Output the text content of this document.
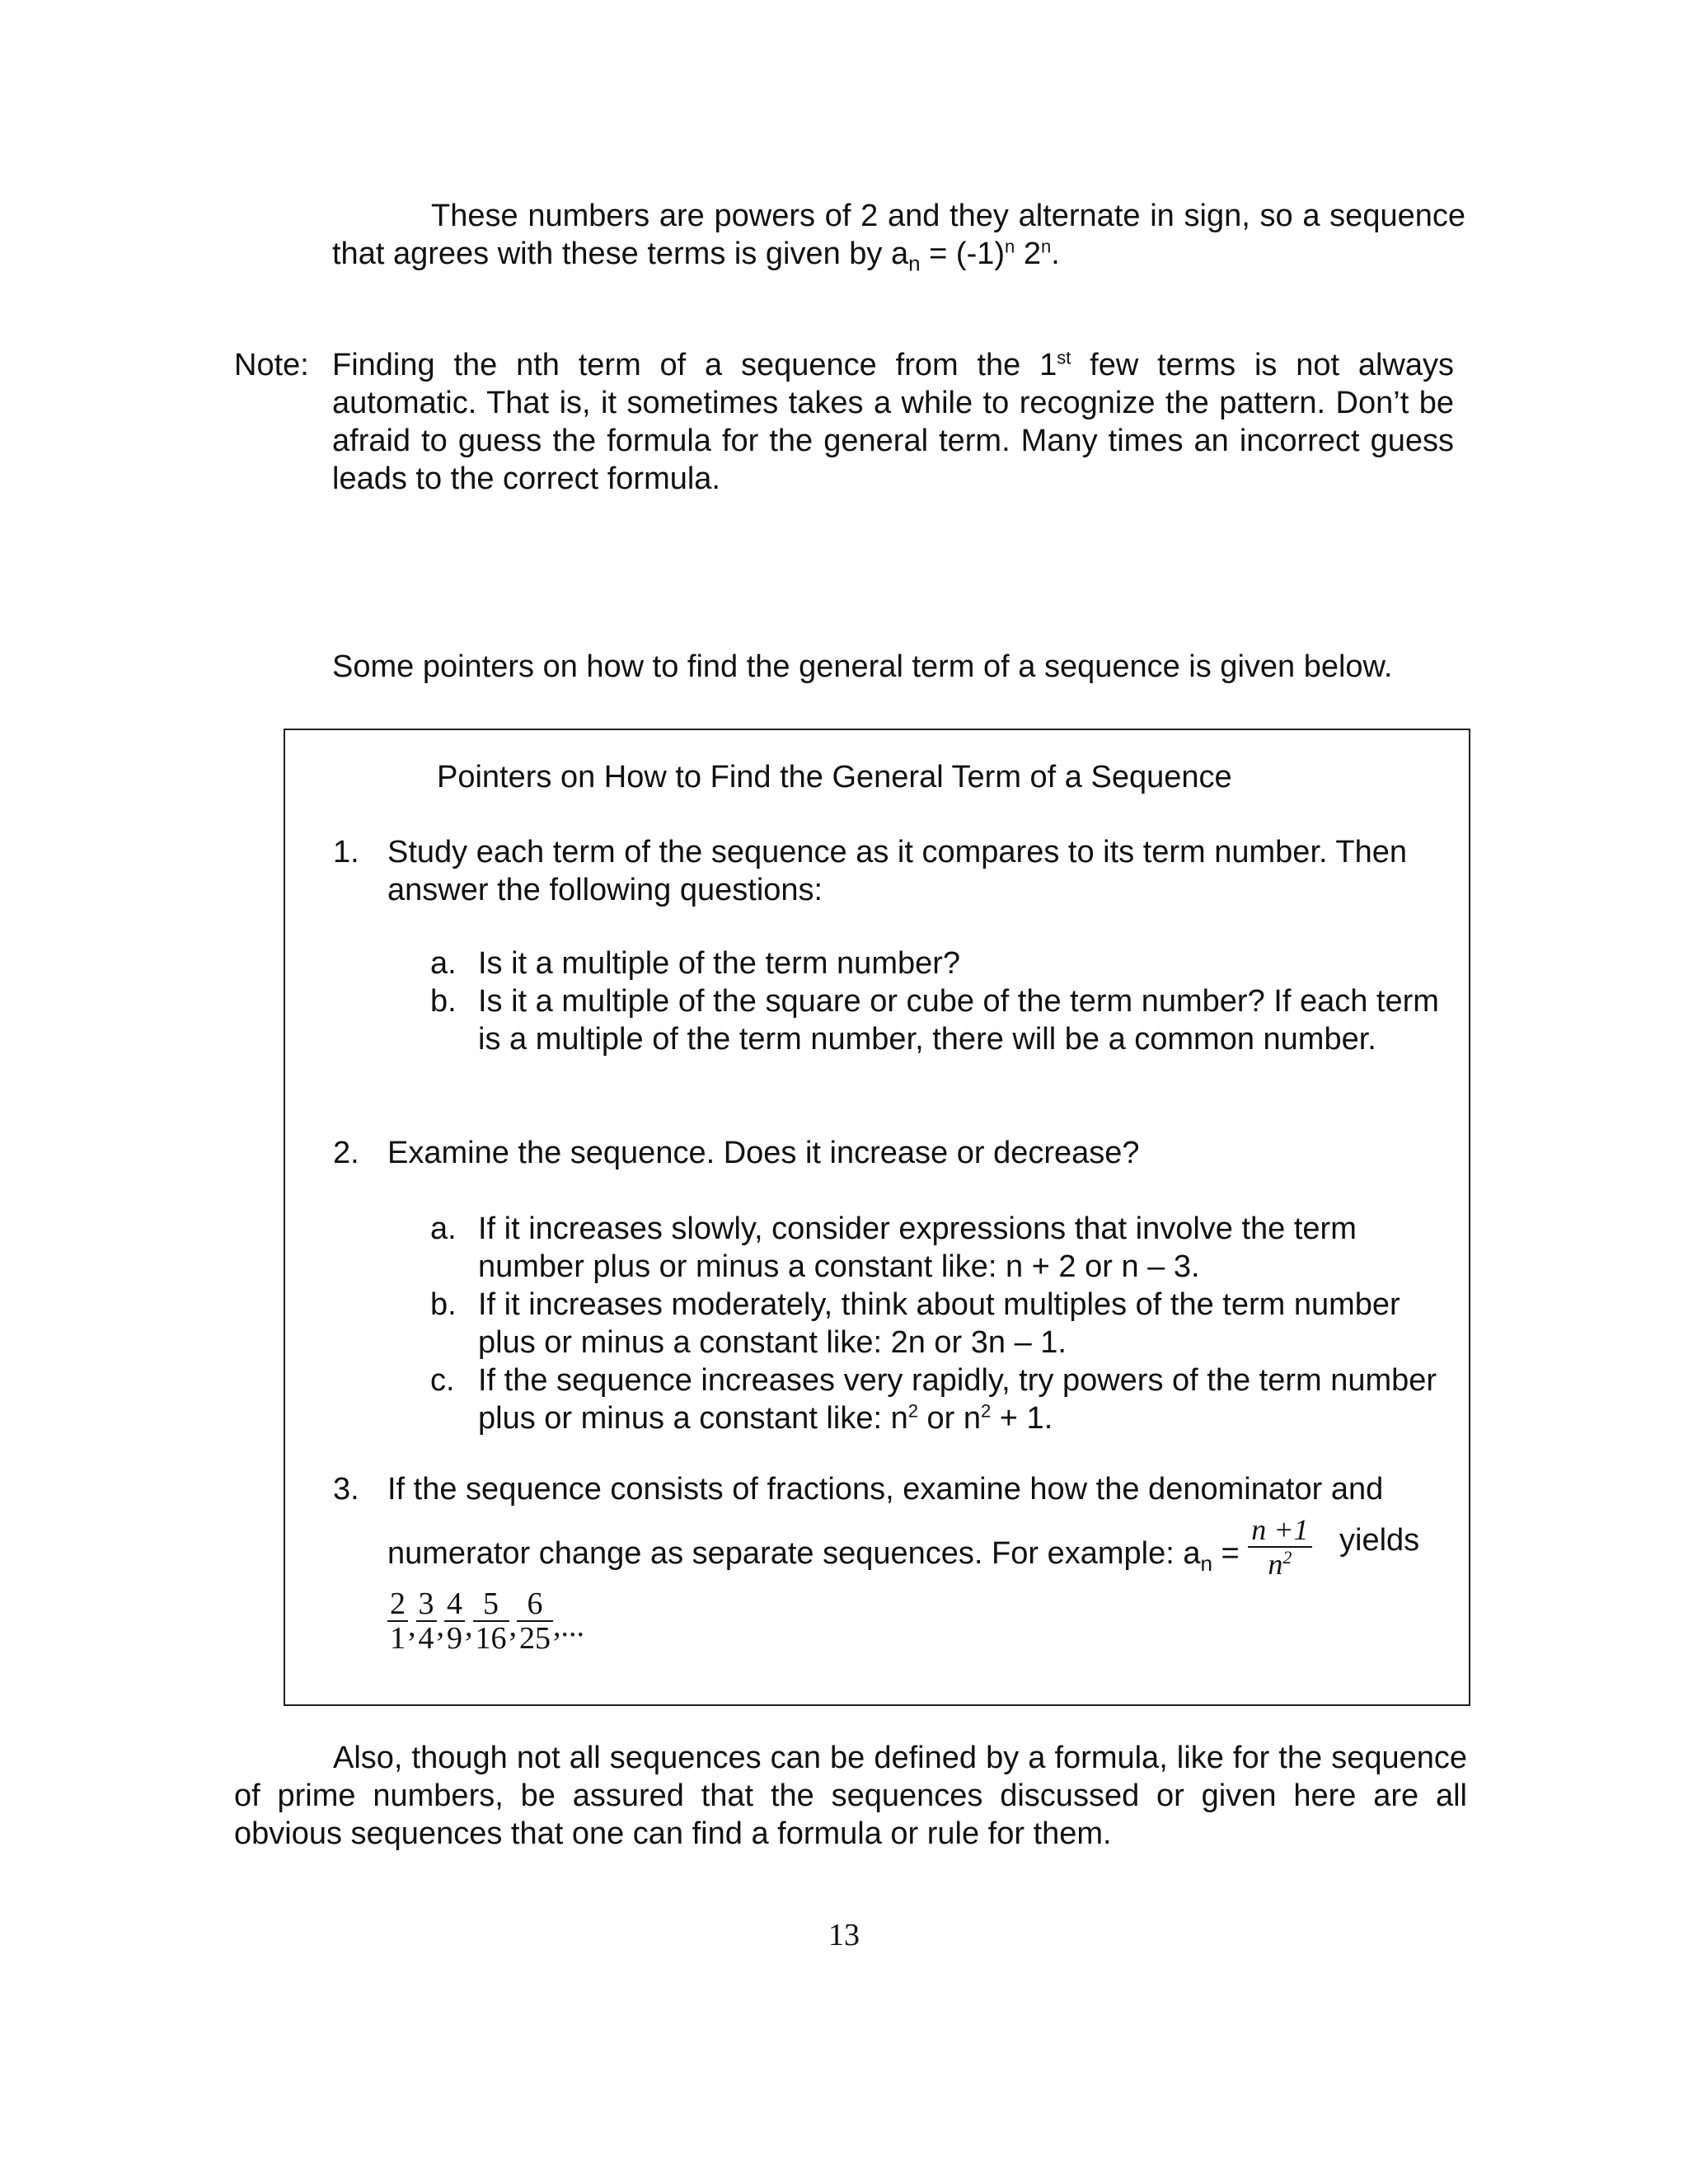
These numbers are powers of 2 and they alternate in sign, so a sequence that agrees with these terms is given by $a_n = (-1)^n$ 2$^n$.
Note: Finding the nth term of a sequence from the 1st few terms is not always automatic. That is, it sometimes takes a while to recognize the pattern. Don’t be afraid to guess the formula for the general term. Many times an incorrect guess leads to the correct formula.
Some pointers on how to find the general term of a sequence is given below.
Pointers on How to Find the General Term of a Sequence
1. Study each term of the sequence as it compares to its term number. Then answer the following questions:
a. Is it a multiple of the term number?
b. Is it a multiple of the square or cube of the term number? If each term is a multiple of the term number, there will be a common number.
2. Examine the sequence. Does it increase or decrease?
a. If it increases slowly, consider expressions that involve the term number plus or minus a constant like: n + 2 or n – 3.
b. If it increases moderately, think about multiples of the term number plus or minus a constant like: 2n or 3n – 1.
c. If the sequence increases very rapidly, try powers of the term number plus or minus a constant like: $n^2$ or $n^2 + 1$.
3. If the sequence consists of fractions, examine how the denominator and
numerator change as separate sequences. For example: $a_n = \frac{n +1}{n^2}$ yields
$\frac{2}{1}$ , $\frac{3}{4}$ , $\frac{4}{9}$ , $\frac{5}{16}$ , $\frac{6}{25}$ ,...
Also, though not all sequences can be defined by a formula, like for the sequence of prime numbers, be assured that the sequences discussed or given here are all obvious sequences that one can find a formula or rule for them.
13
